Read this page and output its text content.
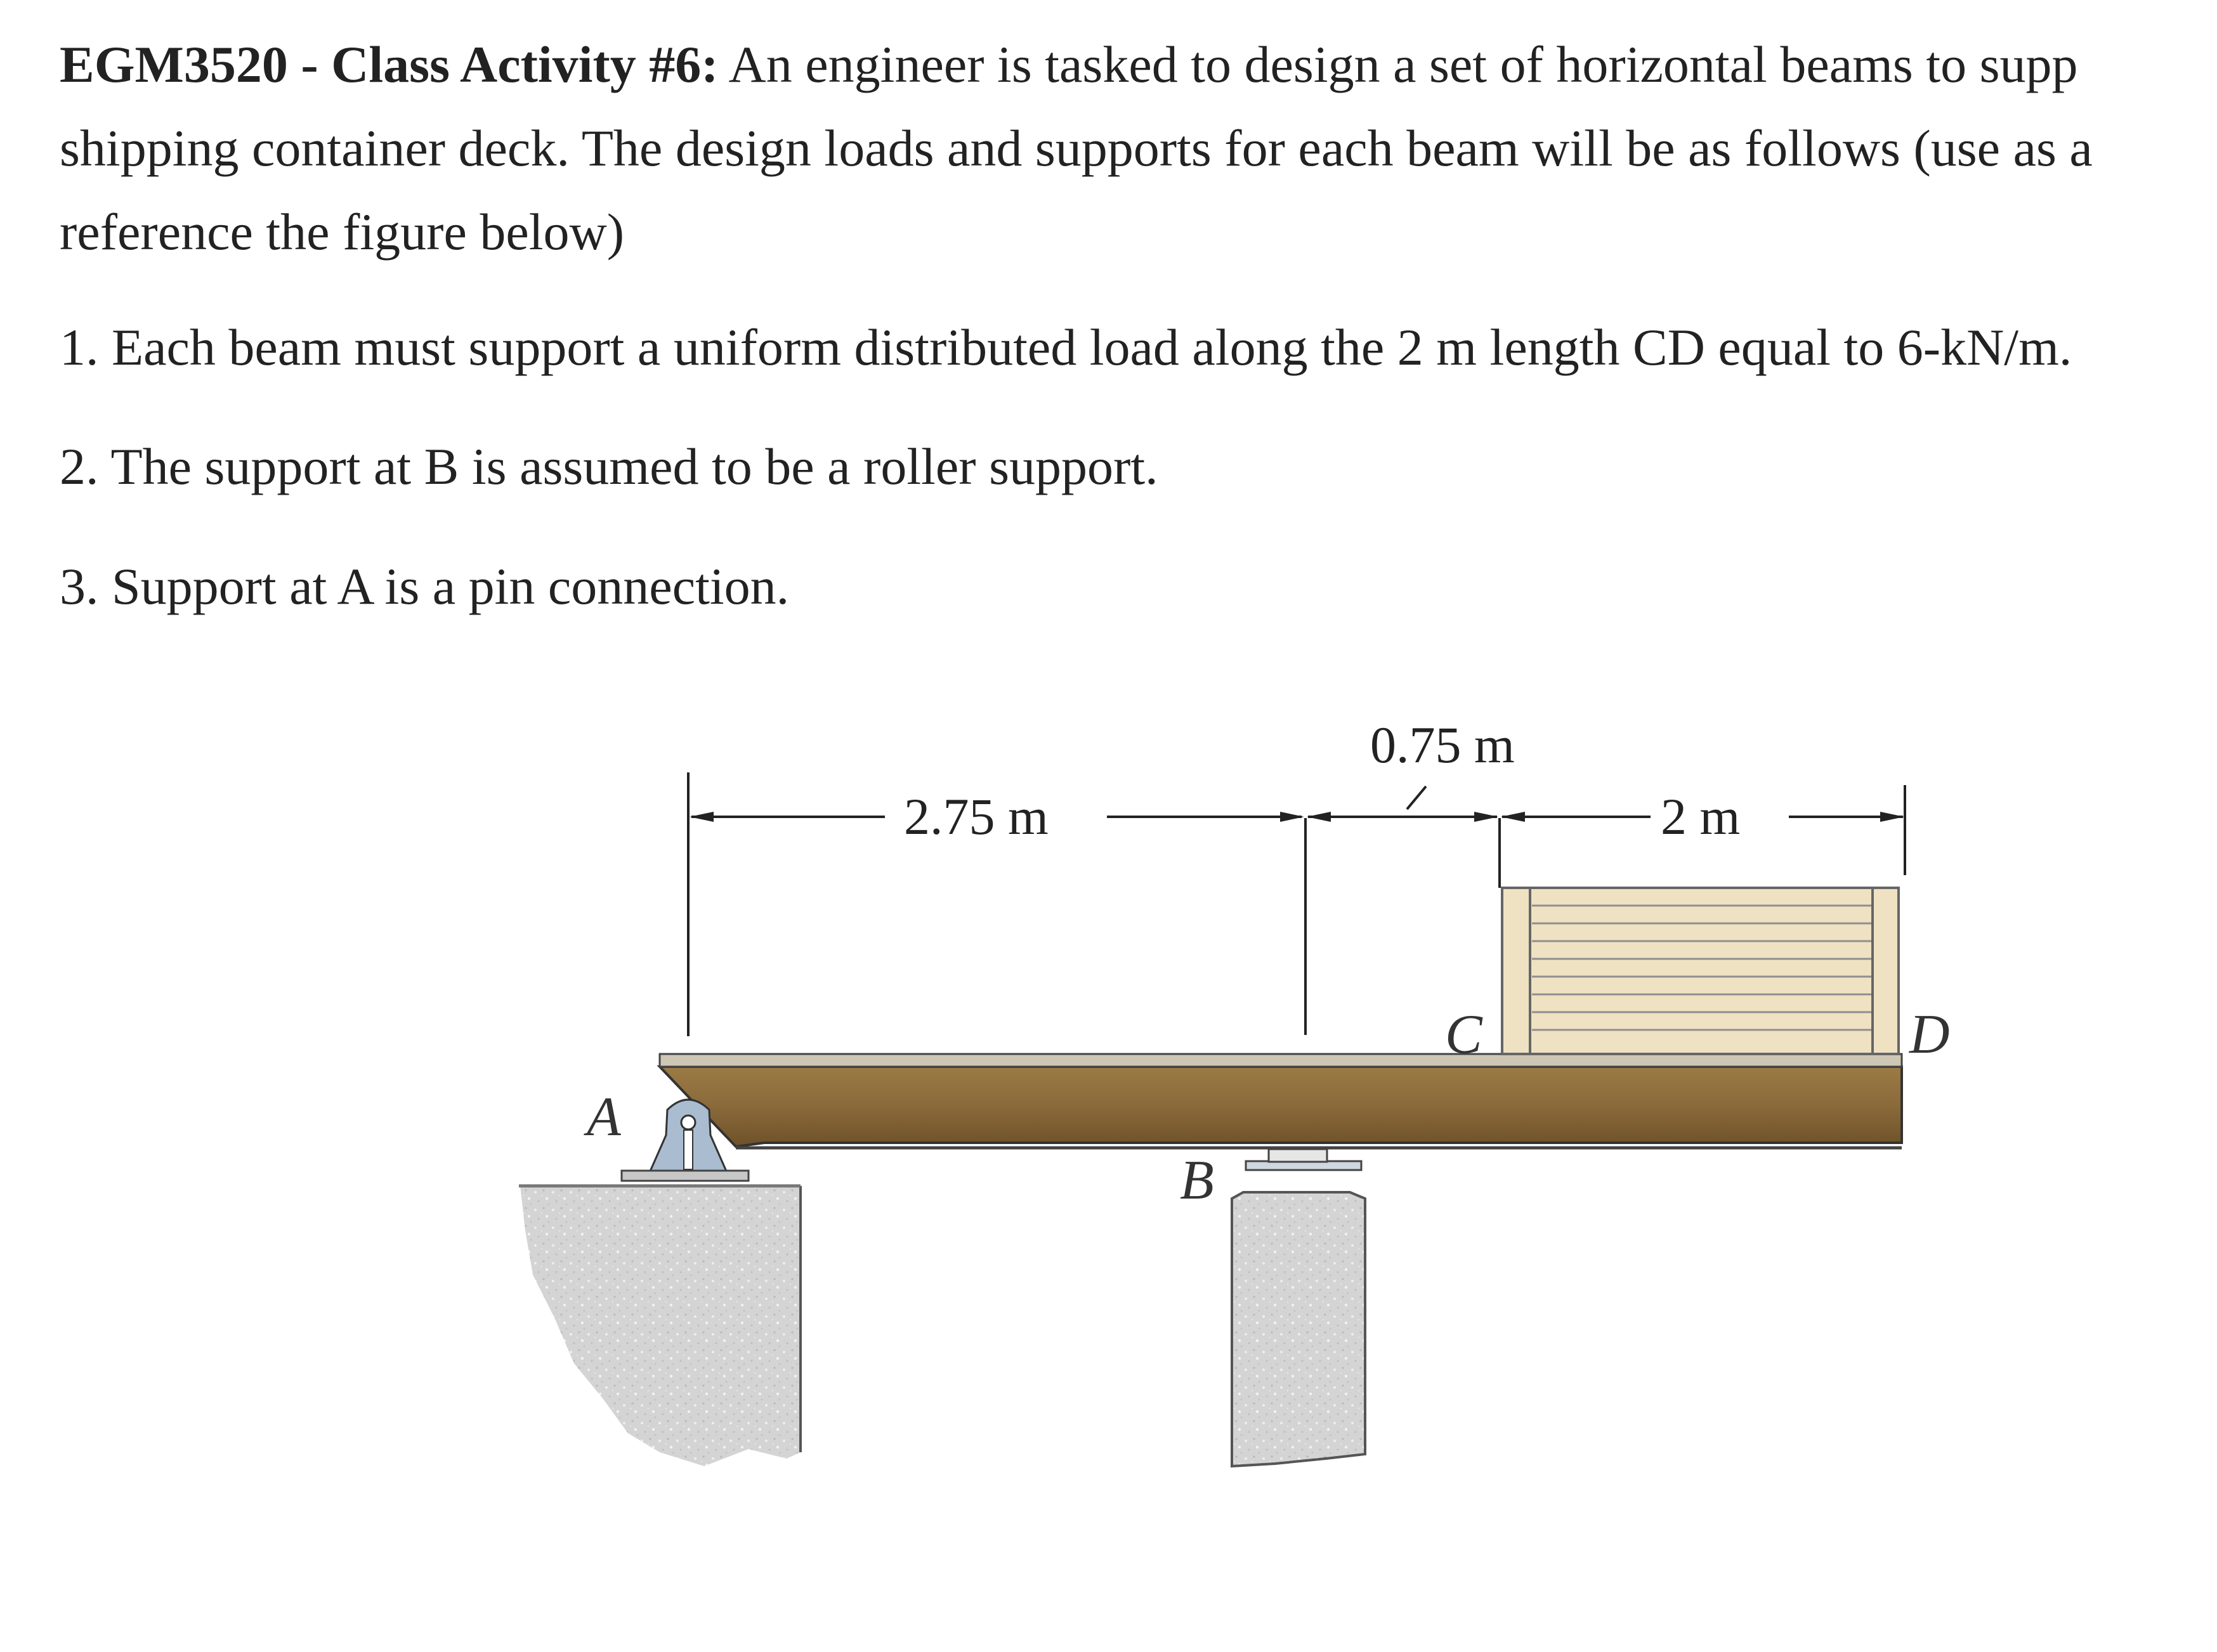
EGM3520 - Class Activity #6: An engineer is tasked to design a set of horizontal beams to supp
shipping container deck. The design loads and supports for each beam will be as follows (use as a
reference the figure below)
1. Each beam must support a uniform distributed load along the 2 m length CD equal to 6-kN/m.
2. The support at B is assumed to be a roller support.
3. Support at A is a pin connection.
2.75 m
0.75 m
2 m
A
B
C	D
